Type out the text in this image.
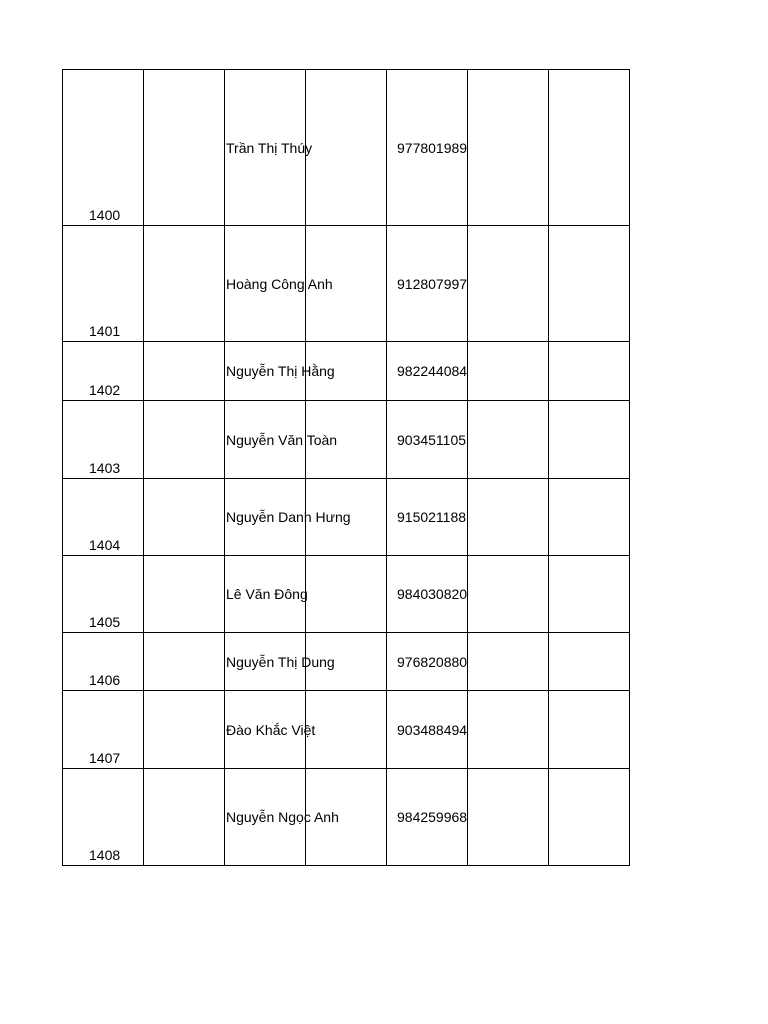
1400		Trần Thị Thúy		977801989		

1401		Hoàng Công Anh		912807997		

1402		Nguyễn Thị Hằng		982244084		

1403		Nguyễn Văn Toàn		903451105		

1404		Nguyễn Danh Hưng		915021188		

1405		Lê Văn Đông		984030820		

1406		Nguyễn Thị Dung		976820880		

1407		Đào Khắc Việt		903488494		

1408		Nguyễn Ngọc Anh		984259968		
